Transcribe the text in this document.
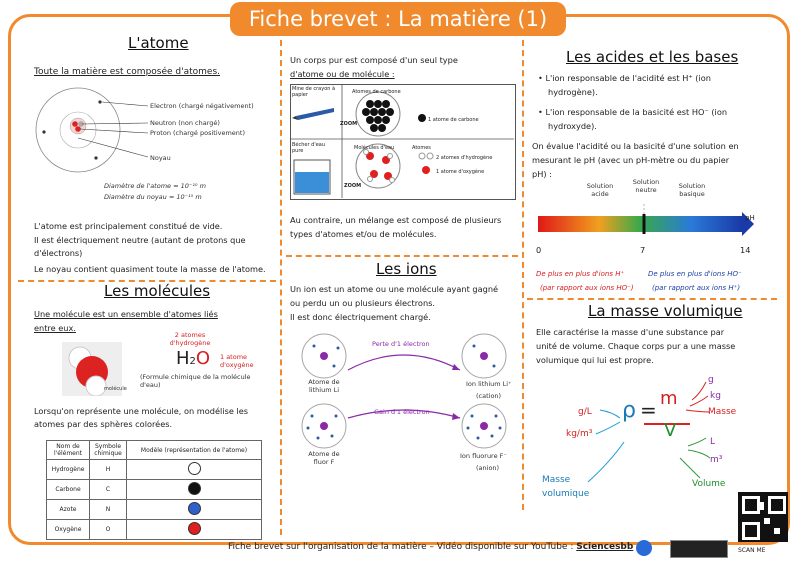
Fiche brevet : La matière (1)
L'atome
Toute la matière est composée d'atomes.
Electron (chargé négativement)
Neutron (non chargé)
Proton (chargé positivement)
Noyau
Diamètre de l'atome ≈ 10⁻¹⁰ m
Diamètre du noyau ≈ 10⁻¹⁵ m
L'atome est principalement constitué de vide.
Il est électriquement neutre (autant de protons que d'électrons)
Le noyau contient quasiment toute la masse de l'atome.
Les molécules
Une molécule est un ensemble d'atomes liés
entre eux.
molécule
2 atomes d'hydrogène
H2O 1 atome d'oxygène
(Formule chimique de la molécule d'eau)
Lorsqu'on représente une molécule, on modélise les
atomes par des sphères colorées.
Nom de l'élément	Symbole chimique	Modèle (représentation de l'atome)
Hydrogène	H	
Carbone	C	
Azote	N	
Oxygène	O	
Un corps pur est composé d'un seul type
d'atome ou de molécule :
Mine de crayon à papier	Atomes de carbone
1 atome de carbone
ZOOM
Bécher d'eau pure	Molécules d'eau	Atomes
2 atomes d'hydrogène
1 atome d'oxygène
ZOOM
Au contraire, un mélange est composé de plusieurs
types d'atomes et/ou de molécules.
Les ions
Un ion est un atome ou une molécule ayant gagné
ou perdu un ou plusieurs électrons.
Il est donc électriquement chargé.
Perte d'1 électron
Gain d'1 électron
Atome de lithium Li
Ion lithium Li⁺
(cation)
Atome de fluor F
Ion fluorure F⁻
(anion)
Les acides et les bases
• L'ion responsable de l'acidité est H⁺ (ion
hydrogène).
• L'ion responsable de la basicité est HO⁻ (ion
hydroxyde).
On évalue l'acidité ou la basicité d'une solution en
mesurant le pH (avec un pH-mètre ou du papier
pH) :
Solution acide
Solution neutre	Solution basique
pH
0	7	14
De plus en plus d'ions H⁺
(par rapport aux ions HO⁻)
De plus en plus d'ions HO⁻
(par rapport aux ions H⁺)
La masse volumique
Elle caractérise la masse d'une substance par
unité de volume. Chaque corps pur a une masse
volumique qui lui est propre.
ρ = m
V
g/L
kg/m³
g
kg
Masse
L
m³
Masse
volumique
Volume
Fiche brevet sur l'organisation de la matière – Vidéo disponible sur YouTube : Sciencesbb	SCAN ME
